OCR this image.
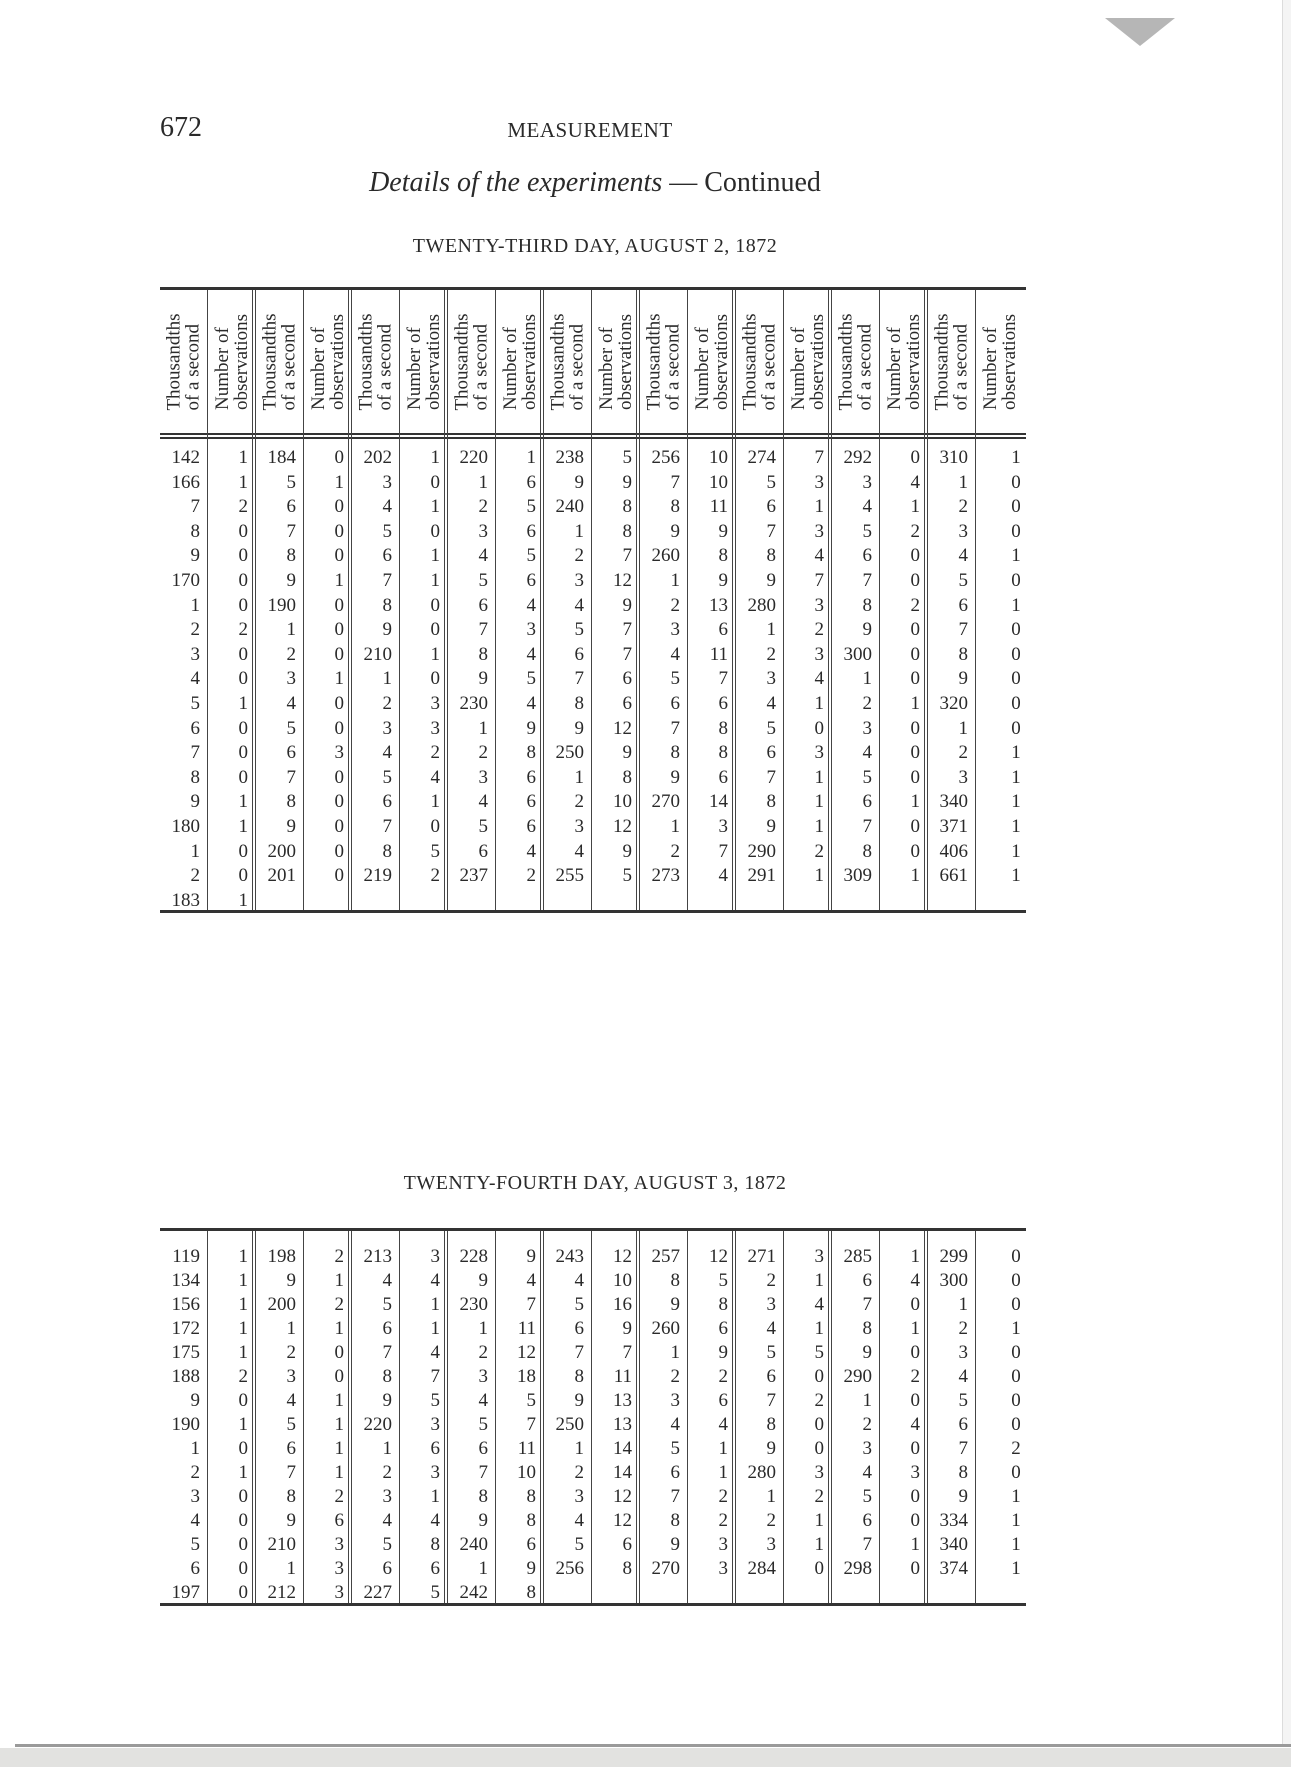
672	MEASUREMENT
Details of the experiments — Continued
TWENTY-THIRD DAY, AUGUST 2, 1872
Thousandths
of a second
142
166
7
8
9
170
1
2
3
4
5
6
7
8
9
180
1
2
183
Number of
observations
1
1
2
0
0
0
0
2
0
0
1
0
0
0
1
1
0
0
1
Thousandths
of a second
184
5
6
7
8
9
190
1
2
3
4
5
6
7
8
9
200
201
Number of
observations
0
1
0
0
0
1
0
0
0
1
0
0
3
0
0
0
0
0
Thousandths
of a second
202
3
4
5
6
7
8
9
210
1
2
3
4
5
6
7
8
219
Number of
observations
1
0
1
0
1
1
0
0
1
0
3
3
2
4
1
0
5
2
Thousandths
of a second
220
1
2
3
4
5
6
7
8
9
230
1
2
3
4
5
6
237
Number of
observations
1
6
5
6
5
6
4
3
4
5
4
9
8
6
6
6
4
2
Thousandths
of a second
238
9
240
1
2
3
4
5
6
7
8
9
250
1
2
3
4
255
Number of
observations
5
9
8
8
7
12
9
7
7
6
6
12
9
8
10
12
9
5
Thousandths
of a second
256
7
8
9
260
1
2
3
4
5
6
7
8
9
270
1
2
273
Number of
observations
10
10
11
9
8
9
13
6
11
7
6
8
8
6
14
3
7
4
Thousandths
of a second
274
5
6
7
8
9
280
1
2
3
4
5
6
7
8
9
290
291
Number of
observations
7
3
1
3
4
7
3
2
3
4
1
0
3
1
1
1
2
1
Thousandths
of a second
292
3
4
5
6
7
8
9
300
1
2
3
4
5
6
7
8
309
Number of
observations
0
4
1
2
0
0
2
0
0
0
1
0
0
0
1
0
0
1
Thousandths
of a second
310
1
2
3
4
5
6
7
8
9
320
1
2
3
340
371
406
661
Number of
observations
1
0
0
0
1
0
1
0
0
0
0
0
1
1
1
1
1
1
TWENTY-FOURTH DAY, AUGUST 3, 1872
119
134
156
172
175
188
9
190
1
2
3
4
5
6
197
1
1
1
1
1
2
0
1
0
1
0
0
0
0
0
198
9
200
1
2
3
4
5
6
7
8
9
210
1
212
2
1
2
1
0
0
1
1
1
1
2
6
3
3
3
213
4
5
6
7
8
9
220
1
2
3
4
5
6
227
3
4
1
1
4
7
5
3
6
3
1
4
8
6
5
228
9
230
1
2
3
4
5
6
7
8
9
240
1
242
9
4
7
11
12
18
5
7
11
10
8
8
6
9
8
243
4
5
6
7
8
9
250
1
2
3
4
5
256
12
10
16
9
7
11
13
13
14
14
12
12
6
8
257
8
9
260
1
2
3
4
5
6
7
8
9
270
12
5
8
6
9
2
6
4
1
1
2
2
3
3
271
2
3
4
5
6
7
8
9
280
1
2
3
284
3
1
4
1
5
0
2
0
0
3
2
1
1
0
285
6
7
8
9
290
1
2
3
4
5
6
7
298
1
4
0
1
0
2
0
4
0
3
0
0
1
0
299
300
1
2
3
4
5
6
7
8
9
334
340
374
0
0
0
1
0
0
0
0
2
0
1
1
1
1
